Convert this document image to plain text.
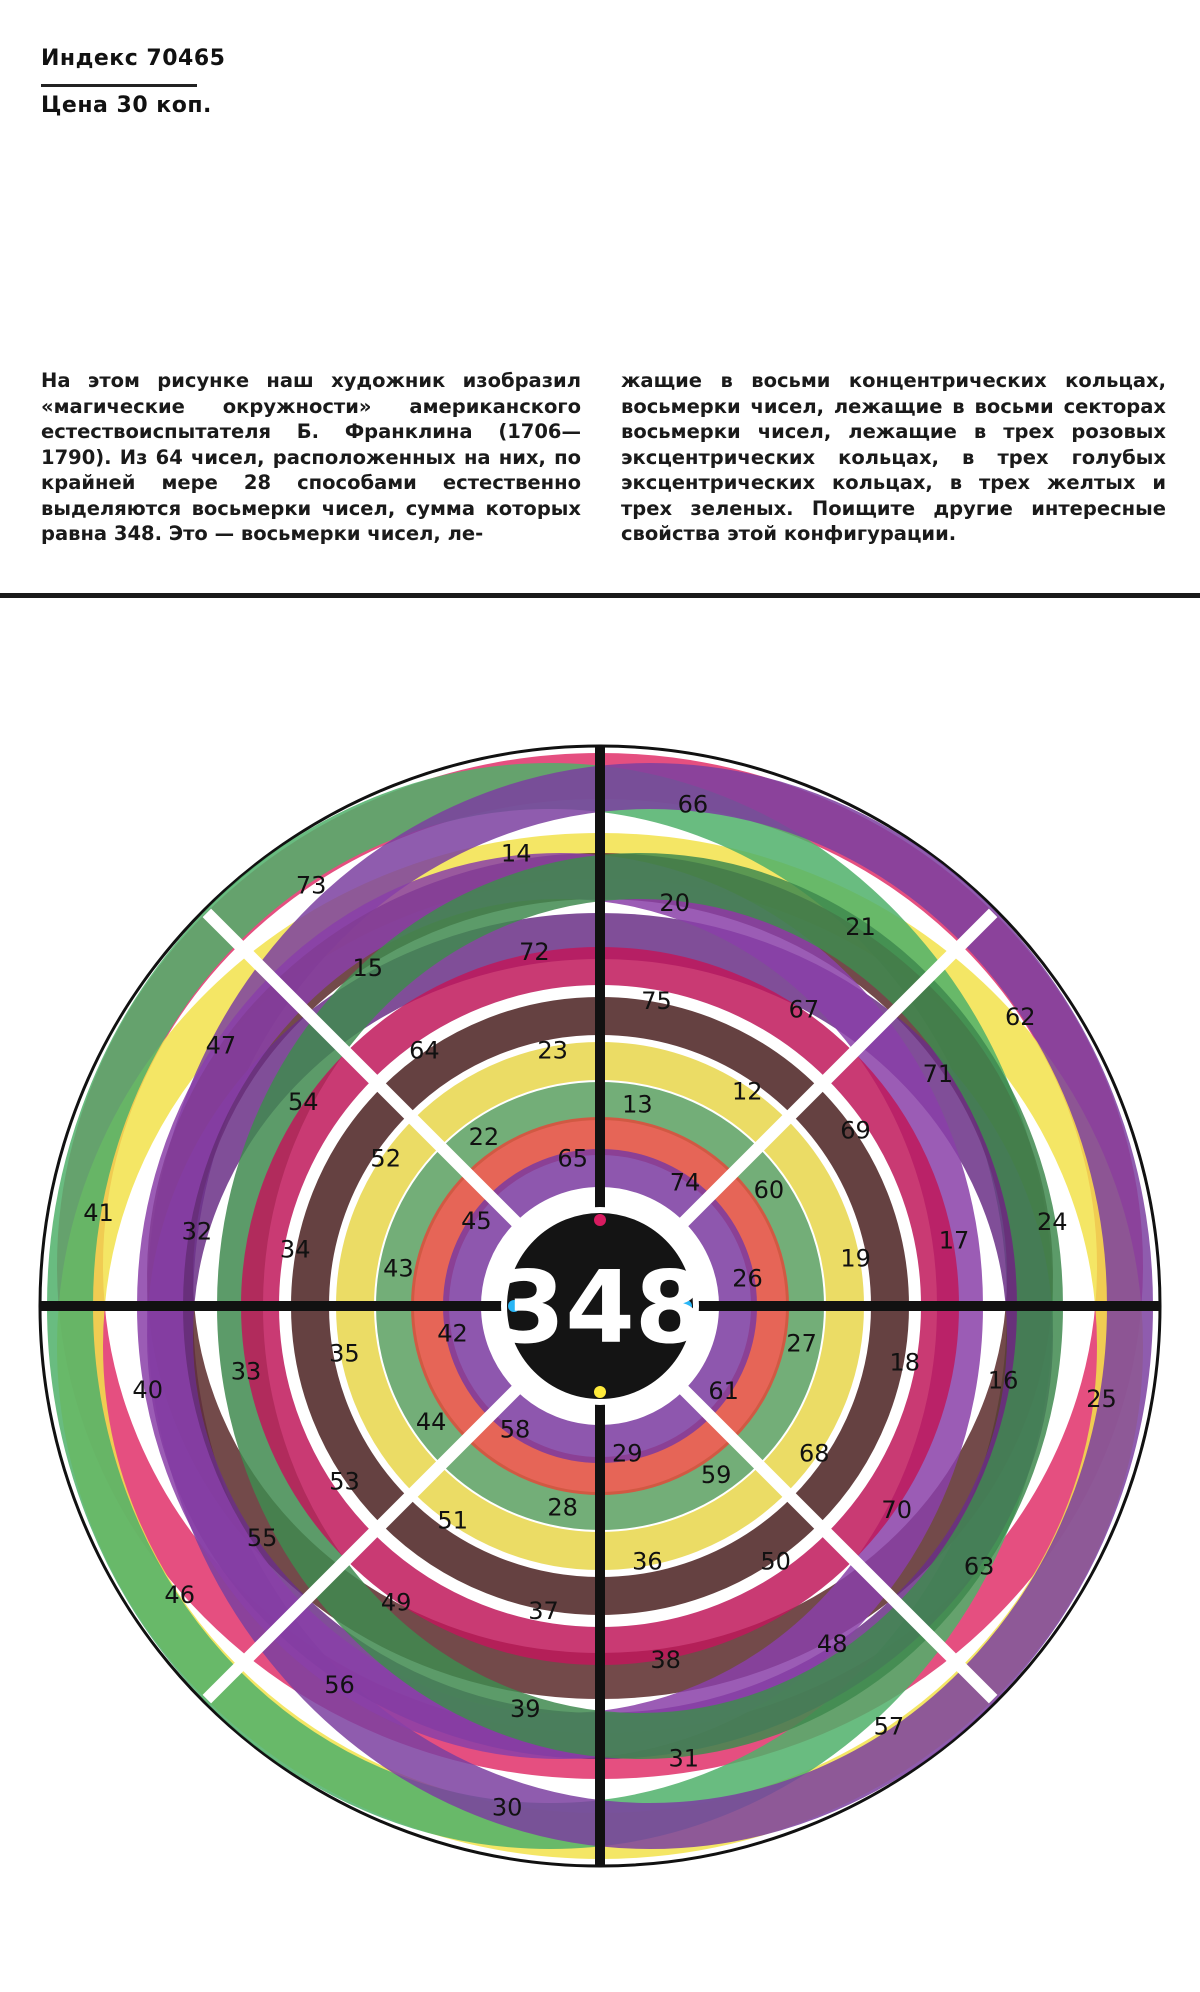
Индекс 70465
Цена 30 коп.
На этом рисунке наш художник изобразил «магические окружности» американского естествоиспытателя Б. Франклина (1706—1790). Из 64 чисел, расположенных на них, по крайней мере 28 способами естественно выделяются восьмерки чисел, сумма которых равна 348. Это — восьмерки чисел, ле-
жащие в восьми концентрических кольцах, восьмерки чисел, лежащие в восьми секторах восьмерки чисел, лежащие в трех розовых эксцентрических кольцах, в трех голубых эксцентрических кольцах, в трех желтых и трех зеленых. Поищите другие интересные свойства этой конфигурации.
73
14
15
72
64	23
22
65
66
21
20
67
75
12
13
74
62
24
71
17
69
19
60
26
25
63
16
70
18
68
27
61
57
31
48
38
50
36
59
29
30
56
39
49	37
51	28
58
46
40
55
33
53
35
44
42
41
47
32
54
34
52
43
45
348
